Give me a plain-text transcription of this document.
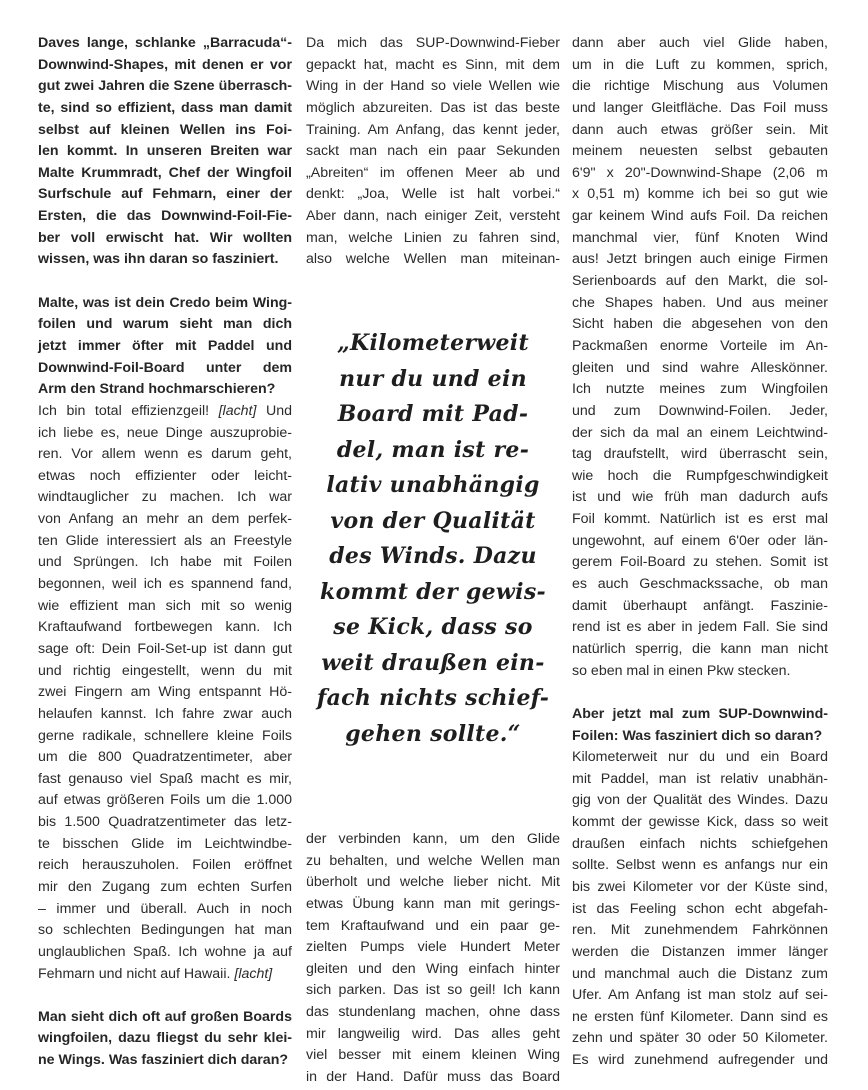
Daves lange, schlanke „Barracuda“-
Downwind-Shapes, mit denen er vor
gut zwei Jahren die Szene überrasch-
te, sind so effizient, dass man damit
selbst auf kleinen Wellen ins Foi-
len kommt. In unseren Breiten war
Malte Krummradt, Chef der Wingfoil
Surfschule auf Fehmarn, einer der
Ersten, die das Downwind-Foil-Fie-
ber voll erwischt hat. Wir wollten
wissen, was ihn daran so fasziniert.
Malte, was ist dein Credo beim Wing-
foilen und warum sieht man dich
jetzt immer öfter mit Paddel und
Downwind-Foil-Board unter dem
Arm den Strand hochmarschieren?
Ich bin total effizienzgeil! [lacht] Und
ich liebe es, neue Dinge auszuprobie-
ren. Vor allem wenn es darum geht,
etwas noch effizienter oder leicht-
windtauglicher zu machen. Ich war
von Anfang an mehr an dem perfek-
ten Glide interessiert als an Freestyle
und Sprüngen. Ich habe mit Foilen
begonnen, weil ich es spannend fand,
wie effizient man sich mit so wenig
Kraftaufwand fortbewegen kann. Ich
sage oft: Dein Foil-Set-up ist dann gut
und richtig eingestellt, wenn du mit
zwei Fingern am Wing entspannt Hö-
helaufen kannst. Ich fahre zwar auch
gerne radikale, schnellere kleine Foils
um die 800 Quadratzentimeter, aber
fast genauso viel Spaß macht es mir,
auf etwas größeren Foils um die 1.000
bis 1.500 Quadratzentimeter das letz-
te bisschen Glide im Leichtwindbe-
reich herauszuholen. Foilen eröffnet
mir den Zugang zum echten Surfen
– immer und überall. Auch in noch
so schlechten Bedingungen hat man
unglaublichen Spaß. Ich wohne ja auf
Fehmarn und nicht auf Hawaii. [lacht]
Man sieht dich oft auf großen Boards
wingfoilen, dazu fliegst du sehr klei-
ne Wings. Was fasziniert dich daran?
Da mich das SUP-Downwind-Fieber
gepackt hat, macht es Sinn, mit dem
Wing in der Hand so viele Wellen wie
möglich abzureiten. Das ist das beste
Training. Am Anfang, das kennt jeder,
sackt man nach ein paar Sekunden
„Abreiten“ im offenen Meer ab und
denkt: „Joa, Welle ist halt vorbei.“
Aber dann, nach einiger Zeit, versteht
man, welche Linien zu fahren sind,
also welche Wellen man miteinan-
„Kilometerweit
nur du und ein
Board mit Pad-
del, man ist re-
lativ unabhängig
von der Qualität
des Winds. Dazu
kommt der gewis-
se Kick, dass so
weit draußen ein-
fach nichts schief-
gehen sollte.“
der verbinden kann, um den Glide
zu behalten, und welche Wellen man
überholt und welche lieber nicht. Mit
etwas Übung kann man mit gerings-
tem Kraftaufwand und ein paar ge-
zielten Pumps viele Hundert Meter
gleiten und den Wing einfach hinter
sich parken. Das ist so geil! Ich kann
das stundenlang machen, ohne dass
mir langweilig wird. Das alles geht
viel besser mit einem kleinen Wing
in der Hand. Dafür muss das Board
dann aber auch viel Glide haben,
um in die Luft zu kommen, sprich,
die richtige Mischung aus Volumen
und langer Gleitfläche. Das Foil muss
dann auch etwas größer sein. Mit
meinem neuesten selbst gebauten
6'9" x 20"-Downwind-Shape (2,06 m
x 0,51 m) komme ich bei so gut wie
gar keinem Wind aufs Foil. Da reichen
manchmal vier, fünf Knoten Wind
aus! Jetzt bringen auch einige Firmen
Serienboards auf den Markt, die sol-
che Shapes haben. Und aus meiner
Sicht haben die abgesehen von den
Packmaßen enorme Vorteile im An-
gleiten und sind wahre Alleskönner.
Ich nutzte meines zum Wingfoilen
und zum Downwind-Foilen. Jeder,
der sich da mal an einem Leichtwind-
tag draufstellt, wird überrascht sein,
wie hoch die Rumpfgeschwindigkeit
ist und wie früh man dadurch aufs
Foil kommt. Natürlich ist es erst mal
ungewohnt, auf einem 6'0er oder län-
gerem Foil-Board zu stehen. Somit ist
es auch Geschmackssache, ob man
damit überhaupt anfängt. Faszinie-
rend ist es aber in jedem Fall. Sie sind
natürlich sperrig, die kann man nicht
so eben mal in einen Pkw stecken.
Aber jetzt mal zum SUP-Downwind-
Foilen: Was fasziniert dich so daran?
Kilometerweit nur du und ein Board
mit Paddel, man ist relativ unabhän-
gig von der Qualität des Windes. Dazu
kommt der gewisse Kick, dass so weit
draußen einfach nichts schiefgehen
sollte. Selbst wenn es anfangs nur ein
bis zwei Kilometer vor der Küste sind,
ist das Feeling schon echt abgefah-
ren. Mit zunehmendem Fahrkönnen
werden die Distanzen immer länger
und manchmal auch die Distanz zum
Ufer. Am Anfang ist man stolz auf sei-
ne ersten fünf Kilometer. Dann sind es
zehn und später 30 oder 50 Kilometer.
Es wird zunehmend aufregender und
